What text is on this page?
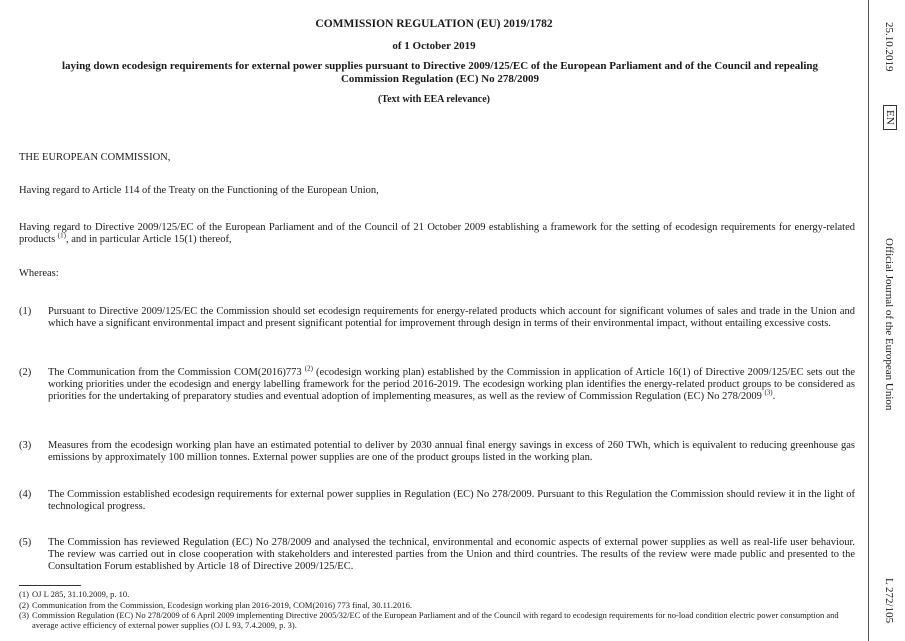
COMMISSION REGULATION (EU) 2019/1782
of 1 October 2019
laying down ecodesign requirements for external power supplies pursuant to Directive 2009/125/EC of the European Parliament and of the Council and repealing Commission Regulation (EC) No 278/2009
(Text with EEA relevance)
THE EUROPEAN COMMISSION,
Having regard to Article 114 of the Treaty on the Functioning of the European Union,
Having regard to Directive 2009/125/EC of the European Parliament and of the Council of 21 October 2009 establishing a framework for the setting of ecodesign requirements for energy-related products $^{(1)}$, and in particular Article 15(1) thereof,
Whereas:
(1)	Pursuant to Directive 2009/125/EC the Commission should set ecodesign requirements for energy-related products which account for significant volumes of sales and trade in the Union and which have a significant environmental impact and present significant potential for improvement through design in terms of their environmental impact, without entailing excessive costs.
(2)	The Communication from the Commission COM(2016)773 $^{(2)}$ (ecodesign working plan) established by the Commission in application of Article 16(1) of Directive 2009/125/EC sets out the working priorities under the ecodesign and energy labelling framework for the period 2016-2019. The ecodesign working plan identifies the energy-related product groups to be considered as priorities for the undertaking of preparatory studies and eventual adoption of implementing measures, as well as the review of Commission Regulation (EC) No 278/2009 $^{(3)}$.
(3)	Measures from the ecodesign working plan have an estimated potential to deliver by 2030 annual final energy savings in excess of 260 TWh, which is equivalent to reducing greenhouse gas emissions by approximately 100 million tonnes. External power supplies are one of the product groups listed in the working plan.
(4)	The Commission established ecodesign requirements for external power supplies in Regulation (EC) No 278/2009. Pursuant to this Regulation the Commission should review it in the light of technological progress.
(5)	The Commission has reviewed Regulation (EC) No 278/2009 and analysed the technical, environmental and economic aspects of external power supplies as well as real-life user behaviour. The review was carried out in close cooperation with stakeholders and interested parties from the Union and third countries. The results of the review were made public and presented to the Consultation Forum established by Article 18 of Directive 2009/125/EC.
(1) OJ L 285, 31.10.2009, p. 10.
(2) Communication from the Commission, Ecodesign working plan 2016-2019, COM(2016) 773 final, 30.11.2016.
(3) Commission Regulation (EC) No 278/2009 of 6 April 2009 implementing Directive 2005/32/EC of the European Parliament and of the Council with regard to ecodesign requirements for no-load condition electric power consumption and average active efficiency of external power supplies (OJ L 93, 7.4.2009, p. 3).
25.10.2019
EN
Official Journal of the European Union
L 272/105
